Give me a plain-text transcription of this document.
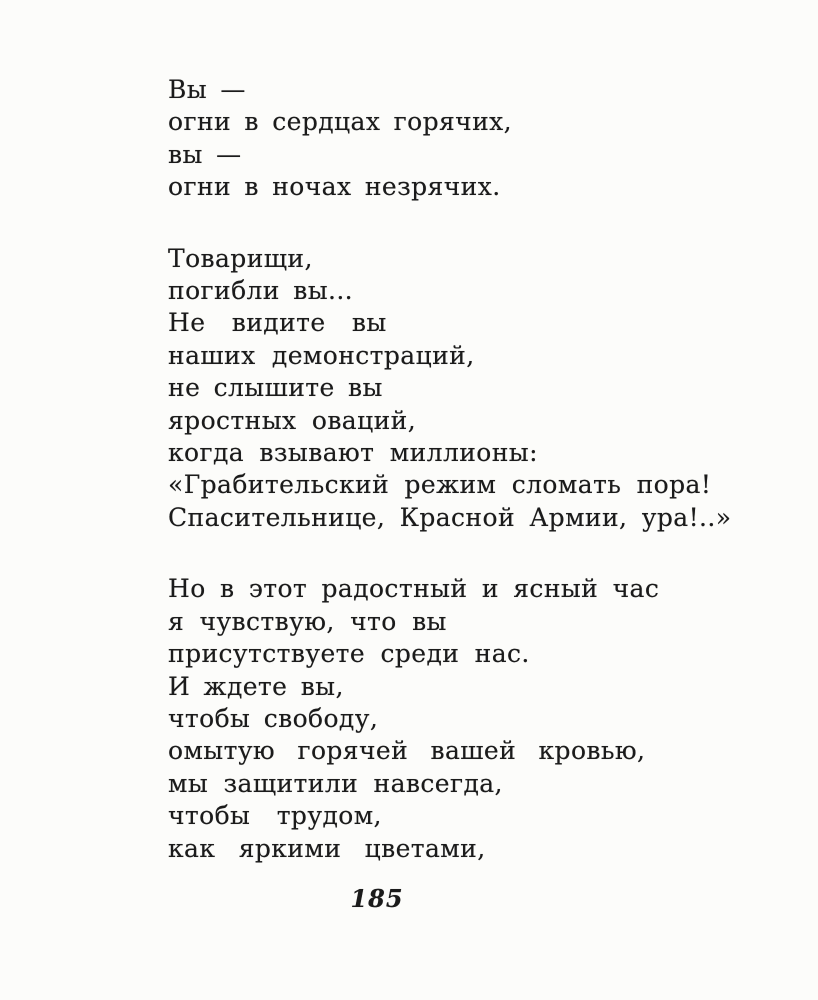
Вы —
огни в сердцах горячих,
вы —
огни в ночах незрячих.
Товарищи,
погибли вы...
Не видите вы
наших демонстраций,
не слышите вы
яростных оваций,
когда взывают миллионы:
«Грабительский режим сломать пора!
Спасительнице, Красной Армии, ура!..»
Но в этот радостный и ясный час
я чувствую, что вы
присутствуете среди нас.
И ждете вы,
чтобы свободу,
омытую горячей вашей кровью,
мы защитили навсегда,
чтобы трудом,
как яркими цветами,
185
